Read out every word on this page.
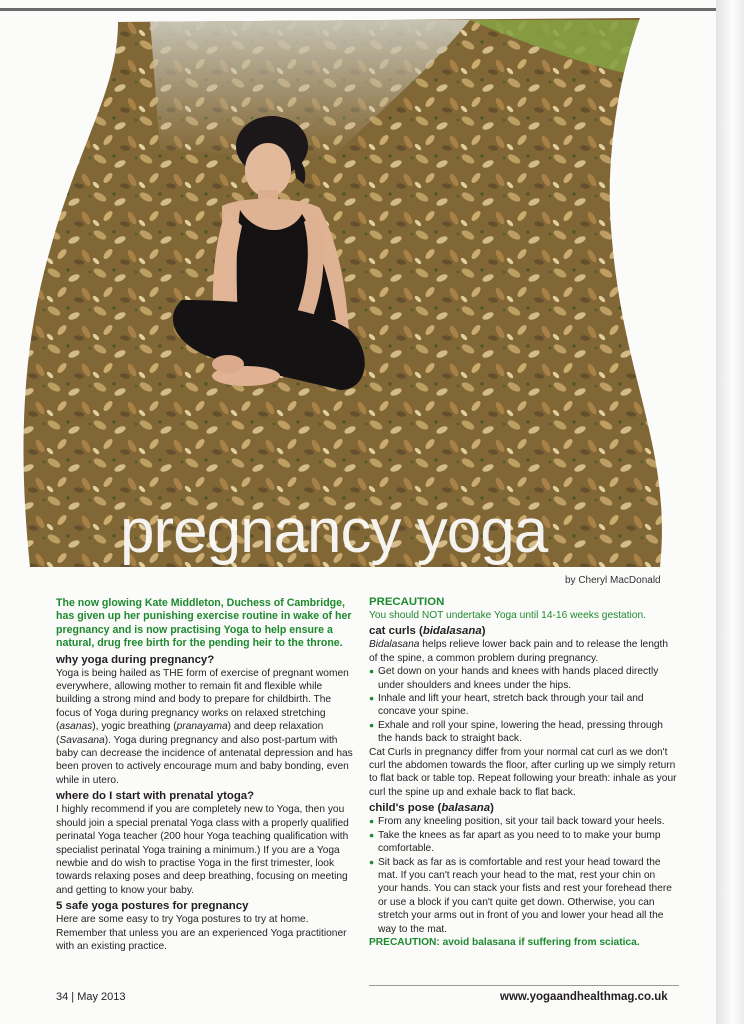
pregnancy yoga
by Cheryl MacDonald

The now glowing Kate Middleton, Duchess of Cambridge, has given up her punishing exercise routine in wake of her pregnancy and is now practising Yoga to help ensure a natural, drug free birth for the pending heir to the throne.

why yoga during pregnancy?

Yoga is being hailed as THE form of exercise of pregnant women everywhere, allowing mother to remain fit and flexible while building a strong mind and body to prepare for childbirth. The focus of Yoga during pregnancy works on relaxed stretching (asanas), yogic breathing (pranayama) and deep relaxation (Savasana). Yoga during pregnancy and also post-partum with baby can decrease the incidence of antenatal depression and has been proven to actively encourage mum and baby bonding, even while in utero.

where do I start with prenatal ytoga?

I highly recommend if you are completely new to Yoga, then you should join a special prenatal Yoga class with a properly qualified perinatal Yoga teacher (200 hour Yoga teaching qualification with specialist perinatal Yoga training a minimum.) If you are a Yoga newbie and do wish to practise Yoga in the first trimester, look towards relaxing poses and deep breathing, focusing on meeting and getting to know your baby.

5 safe yoga postures for pregnancy

Here are some easy to try Yoga postures to try at home. Remember that unless you are an experienced Yoga practitioner with an existing practice.

PRECAUTION

You should NOT undertake Yoga until 14-16 weeks gestation.

cat curls (bidalasana)

Bidalasana helps relieve lower back pain and to release the length of the spine, a common problem during pregnancy.

● Get down on your hands and knees with hands placed directly under shoulders and knees under the hips.
● Inhale and lift your heart, stretch back through your tail and concave your spine.
● Exhale and roll your spine, lowering the head, pressing through the hands back to straight back.

Cat Curls in pregnancy differ from your normal cat curl as we don't curl the abdomen towards the floor, after curling up we simply return to flat back or table top. Repeat following your breath: inhale as your curl the spine up and exhale back to flat back.

child's pose (balasana)
● From any kneeling position, sit your tail back toward your heels.
● Take the knees as far apart as you need to to make your bump comfortable.
● Sit back as far as is comfortable and rest your head toward the mat. If you can't reach your head to the mat, rest your chin on your hands. You can stack your fists and rest your forehead there or use a block if you can't quite get down. Otherwise, you can stretch your arms out in front of you and lower your head all the way to the mat.

PRECAUTION: avoid balasana if suffering from sciatica.

34 | May 2013	www.yogaandhealthmag.co.uk
